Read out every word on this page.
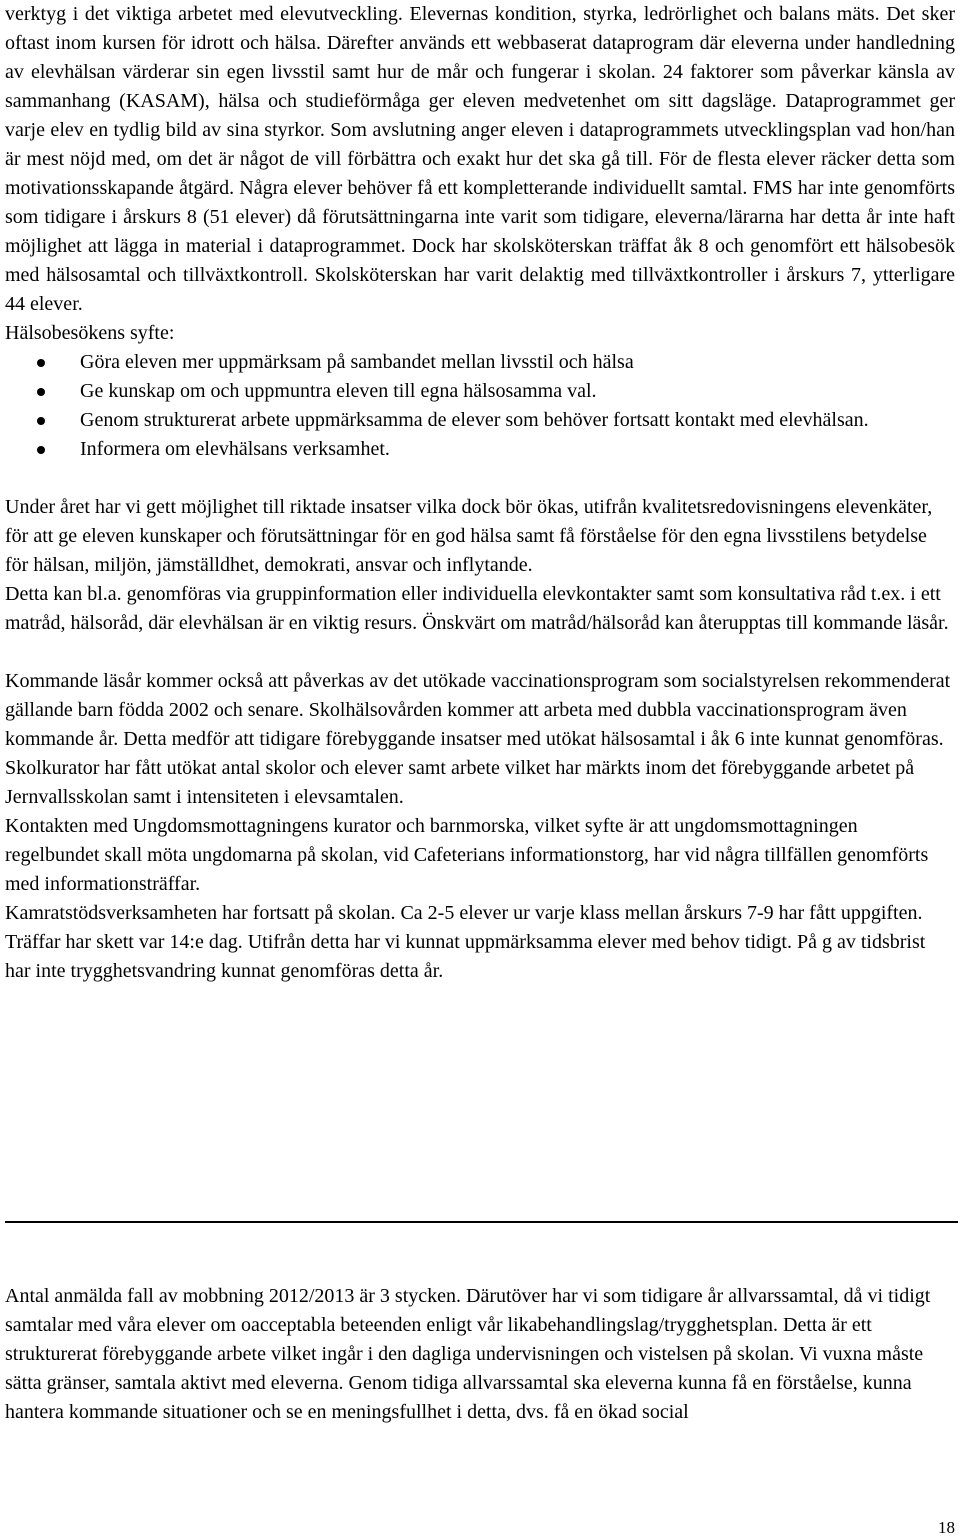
verktyg i det viktiga arbetet med elevutveckling. Elevernas kondition, styrka, ledrörlighet och balans mäts. Det sker oftast inom kursen för idrott och hälsa. Därefter används ett webbaserat dataprogram där eleverna under handledning av elevhälsan värderar sin egen livsstil samt hur de mår och fungerar i skolan. 24 faktorer som påverkar känsla av sammanhang (KASAM), hälsa och studieförmåga ger eleven medvetenhet om sitt dagsläge. Dataprogrammet ger varje elev en tydlig bild av sina styrkor. Som avslutning anger eleven i dataprogrammets utvecklingsplan vad hon/han är mest nöjd med, om det är något de vill förbättra och exakt hur det ska gå till. För de flesta elever räcker detta som motivationsskapande åtgärd. Några elever behöver få ett kompletterande individuellt samtal. FMS har inte genomförts som tidigare i årskurs 8 (51 elever) då förutsättningarna inte varit som tidigare, eleverna/lärarna har detta år inte haft möjlighet att lägga in material i dataprogrammet. Dock har skolsköterskan träffat åk 8 och genomfört ett hälsobesök med hälsosamtal och tillväxtkontroll. Skolsköterskan har varit delaktig med tillväxtkontroller i årskurs 7, ytterligare 44 elever.

Hälsobesökens syfte:

Göra eleven mer uppmärksam på sambandet mellan livsstil och hälsa
Ge kunskap om och uppmuntra eleven till egna hälsosamma val.
Genom strukturerat arbete uppmärksamma de elever som behöver fortsatt kontakt med elevhälsan.
Informera om elevhälsans verksamhet.

Under året har vi gett möjlighet till riktade insatser vilka dock bör ökas, utifrån kvalitetsredovisningens elevenkäter, för att ge eleven kunskaper och förutsättningar för en god hälsa samt få förståelse för den egna livsstilens betydelse för hälsan, miljön, jämställdhet, demokrati, ansvar och inflytande.

Detta kan bl.a. genomföras via gruppinformation eller individuella elevkontakter samt som konsultativa råd t.ex. i ett matråd, hälsoråd, där elevhälsan är en viktig resurs. Önskvärt om matråd/hälsoråd kan återupptas till kommande läsår.

Kommande läsår kommer också att påverkas av det utökade vaccinationsprogram som socialstyrelsen rekommenderat gällande barn födda 2002 och senare. Skolhälsovården kommer att arbeta med dubbla vaccinationsprogram även kommande år. Detta medför att tidigare förebyggande insatser med utökat hälsosamtal i åk 6 inte kunnat genomföras. Skolkurator har fått utökat antal skolor och elever samt arbete vilket har märkts inom det förebyggande arbetet på Jernvallsskolan samt i intensiteten i elevsamtalen.

Kontakten med Ungdomsmottagningens kurator och barnmorska, vilket syfte är att ungdomsmottagningen regelbundet skall möta ungdomarna på skolan, vid Cafeterians informationstorg, har vid några tillfällen genomförts med informationsträffar.

Kamratstödsverksamheten har fortsatt på skolan. Ca 2-5 elever ur varje klass mellan årskurs 7-9 har fått uppgiften. Träffar har skett var 14:e dag. Utifrån detta har vi kunnat uppmärksamma elever med behov tidigt. På g av tidsbrist har inte trygghetsvandring kunnat genomföras detta år.

Antal anmälda fall av mobbning 2012/2013 är 3 stycken. Därutöver har vi som tidigare år allvarssamtal, då vi tidigt samtalar med våra elever om oacceptabla beteenden enligt vår likabehandlingslag/trygghetsplan. Detta är ett strukturerat förebyggande arbete vilket ingår i den dagliga undervisningen och vistelsen på skolan. Vi vuxna måste sätta gränser, samtala aktivt med eleverna. Genom tidiga allvarssamtal ska eleverna kunna få en förståelse, kunna hantera kommande situationer och se en meningsfullhet i detta, dvs. få en ökad social

18
